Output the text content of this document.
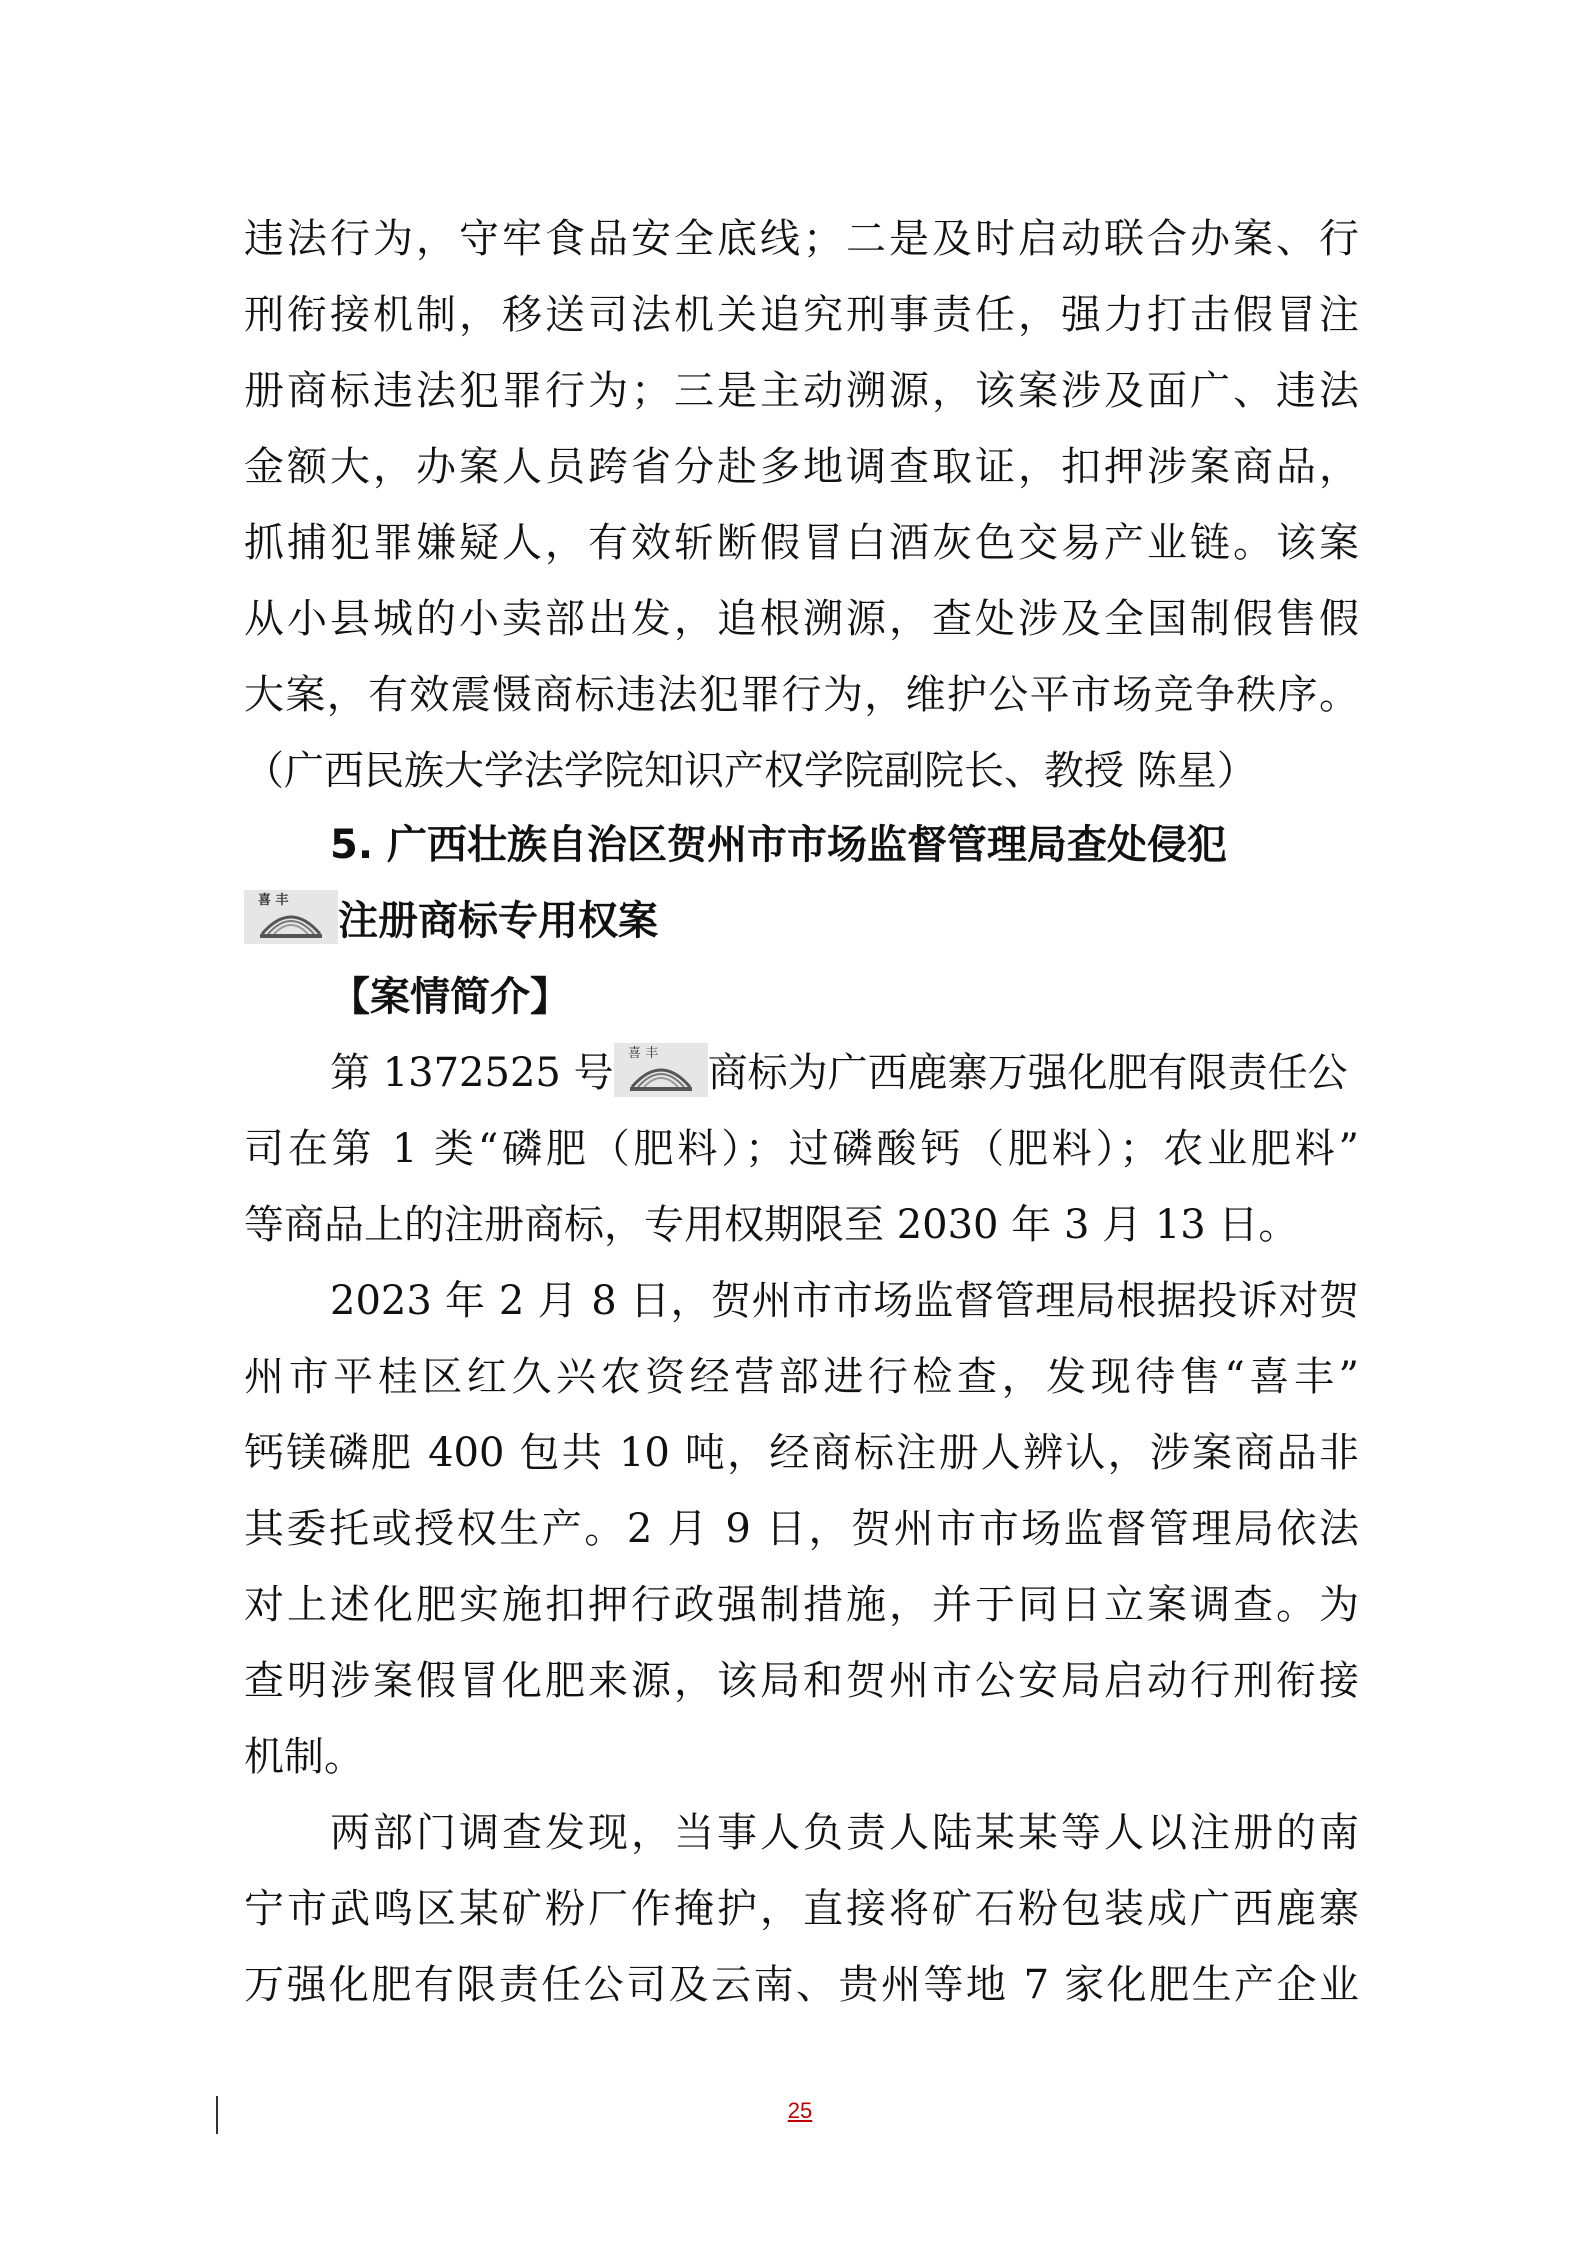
违法行为，守牢食品安全底线；二是及时启动联合办案、行
刑衔接机制，移送司法机关追究刑事责任，强力打击假冒注
册商标违法犯罪行为；三是主动溯源，该案涉及面广、违法
金额大，办案人员跨省分赴多地调查取证，扣押涉案商品，
抓捕犯罪嫌疑人，有效斩断假冒白酒灰色交易产业链。该案
从小县城的小卖部出发，追根溯源，查处涉及全国制假售假
大案，有效震慑商标违法犯罪行为，维护公平市场竞争秩序。
（广西民族大学法学院知识产权学院副院长、教授 陈星）
5. 广西壮族自治区贺州市市场监督管理局查处侵犯
喜 丰 注册商标专用权案
【案情简介】
第 1372525 号 喜 丰 商标为广西鹿寨万强化肥有限责任公
司在第 1 类“磷肥（肥料）；过磷酸钙（肥料）；农业肥料”
等商品上的注册商标，专用权期限至 2030 年 3 月 13 日。
2023 年 2 月 8 日，贺州市市场监督管理局根据投诉对贺
州市平桂区红久兴农资经营部进行检查，发现待售“喜丰”
钙镁磷肥 400 包共 10 吨，经商标注册人辨认，涉案商品非
其委托或授权生产。2 月 9 日，贺州市市场监督管理局依法
对上述化肥实施扣押行政强制措施，并于同日立案调查。为
查明涉案假冒化肥来源，该局和贺州市公安局启动行刑衔接
机制。
两部门调查发现，当事人负责人陆某某等人以注册的南
宁市武鸣区某矿粉厂作掩护，直接将矿石粉包装成广西鹿寨
万强化肥有限责任公司及云南、贵州等地 7 家化肥生产企业
25
